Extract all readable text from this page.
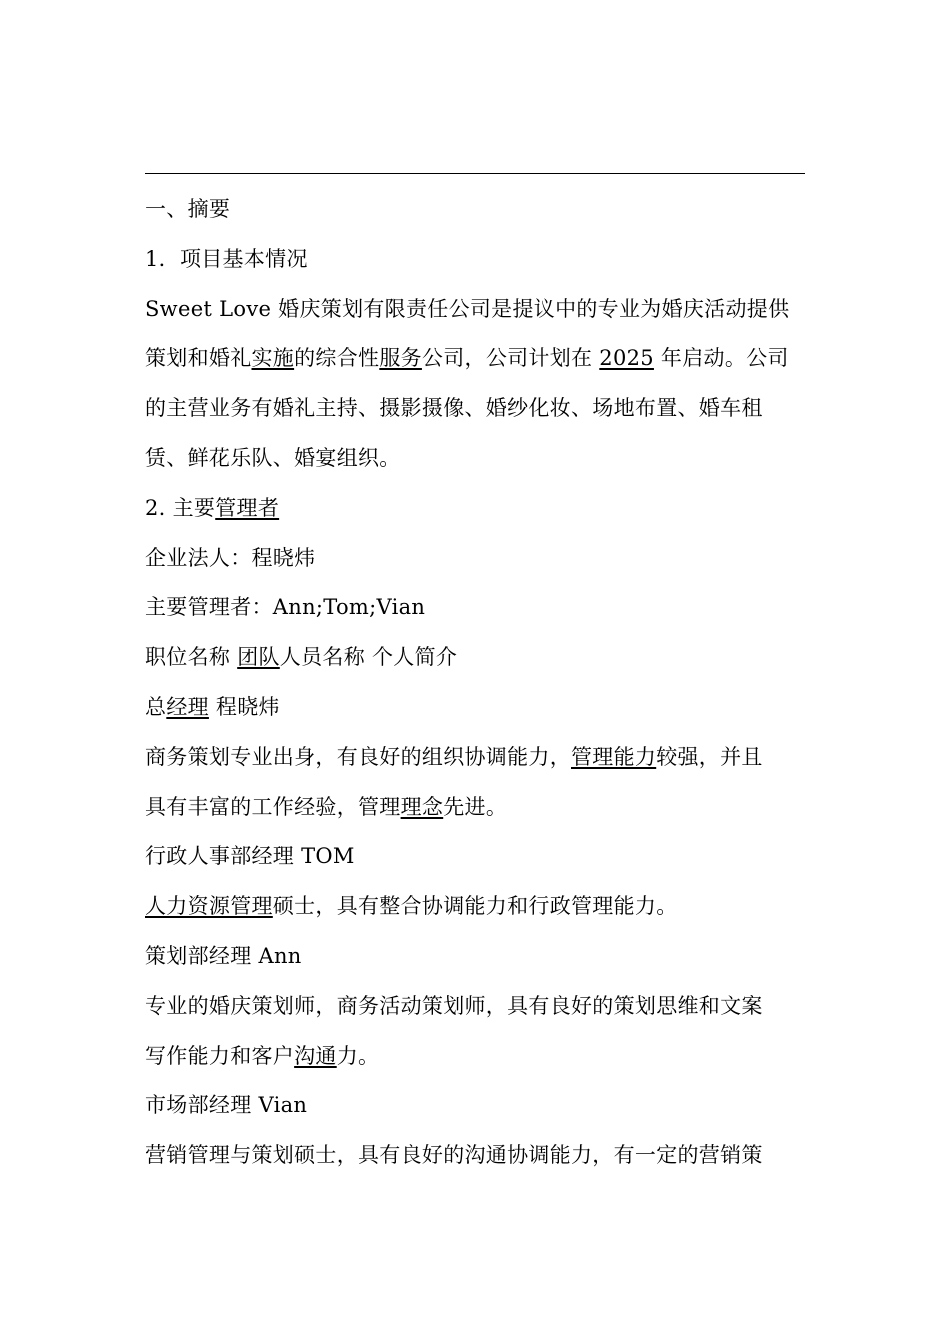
一、摘要
1．项目基本情况
Sweet Love 婚庆策划有限责任公司是提议中的专业为婚庆活动提供
策划和婚礼实施的综合性服务公司，公司计划在 2025 年启动。公司
的主营业务有婚礼主持、摄影摄像、婚纱化妆、场地布置、婚车租
赁、鲜花乐队、婚宴组织。
2. 主要管理者
企业法人：程晓炜
主要管理者：Ann;Tom;Vian
职位名称 团队人员名称 个人简介
总经理 程晓炜
商务策划专业出身，有良好的组织协调能力，管理能力较强，并且
具有丰富的工作经验，管理理念先进。
行政人事部经理 TOM
人力资源管理硕士，具有整合协调能力和行政管理能力。
策划部经理 Ann
专业的婚庆策划师，商务活动策划师，具有良好的策划思维和文案
写作能力和客户沟通力。
市场部经理 Vian
营销管理与策划硕士，具有良好的沟通协调能力，有一定的营销策
